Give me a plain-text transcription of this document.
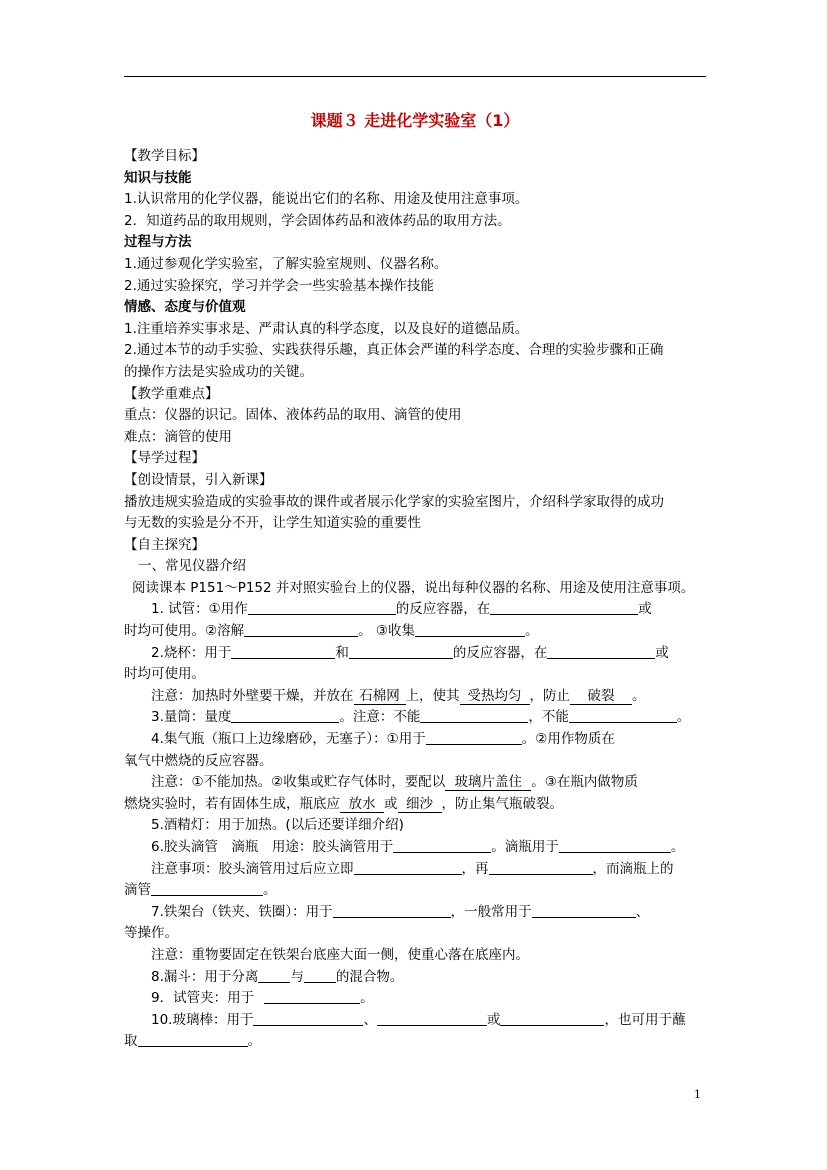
课题３ 走进化学实验室（1）
【教学目标】
知识与技能
1.认识常用的化学仪器，能说出它们的名称、用途及使用注意事项。
2．知道药品的取用规则，学会固体药品和液体药品的取用方法。
过程与方法
1.通过参观化学实验室，了解实验室规则、仪器名称。
2.通过实验探究，学习并学会一些实验基本操作技能
情感、态度与价值观
1.注重培养实事求是、严肃认真的科学态度，以及良好的道德品质。
2.通过本节的动手实验、实践获得乐趣，真正体会严谨的科学态度、合理的实验步骤和正确
的操作方法是实验成功的关键。
【教学重难点】
重点：仪器的识记。固体、液体药品的取用、滴管的使用
难点：滴管的使用
【导学过程】
【创设情景，引入新课】
播放违规实验造成的实验事故的课件或者展示化学家的实验室图片，介绍科学家取得的成功
与无数的实验是分不开，让学生知道实验的重要性
【自主探究】
一、常见仪器介绍
阅读课本 P151～P152 并对照实验台上的仪器，说出每种仪器的名称、用途及使用注意事项。
1. 试管：①用作	的反应容器，在	或
时均可使用。②溶解	。 ③收集	。
2.烧杯：用于	和	的反应容器，在	或
时均可使用。
注意：加热时外壁要干燥，并放在 石棉网 上，使其 受热均匀 ，防止 破裂 。
3.量筒：量度	。注意：不能	，不能	。
4.集气瓶（瓶口上边缘磨砂，无塞子）：①用于	。②用作物质在
氧气中燃烧的反应容器。
注意：①不能加热。②收集或贮存气体时，要配以 玻璃片盖住 。③在瓶内做物质
燃烧实验时，若有固体生成，瓶底应 放水 或 细沙 ，防止集气瓶破裂。
5.酒精灯：用于加热。(以后还要详细介绍)
6.胶头滴管　滴瓶　用途：胶头滴管用于	。滴瓶用于	。
注意事项：胶头滴管用过后应立即	，再	，而滴瓶上的
滴管	。
7.铁架台（铁夹、铁圈）：用于	，一般常用于	、
等操作。
注意：重物要固定在铁架台底座大面一侧，使重心落在底座内。
8.漏斗：用于分离 与 的混合物。
9．试管夹：用于	。
10.玻璃棒：用于	、	或	，也可用于蘸
取	。
1
